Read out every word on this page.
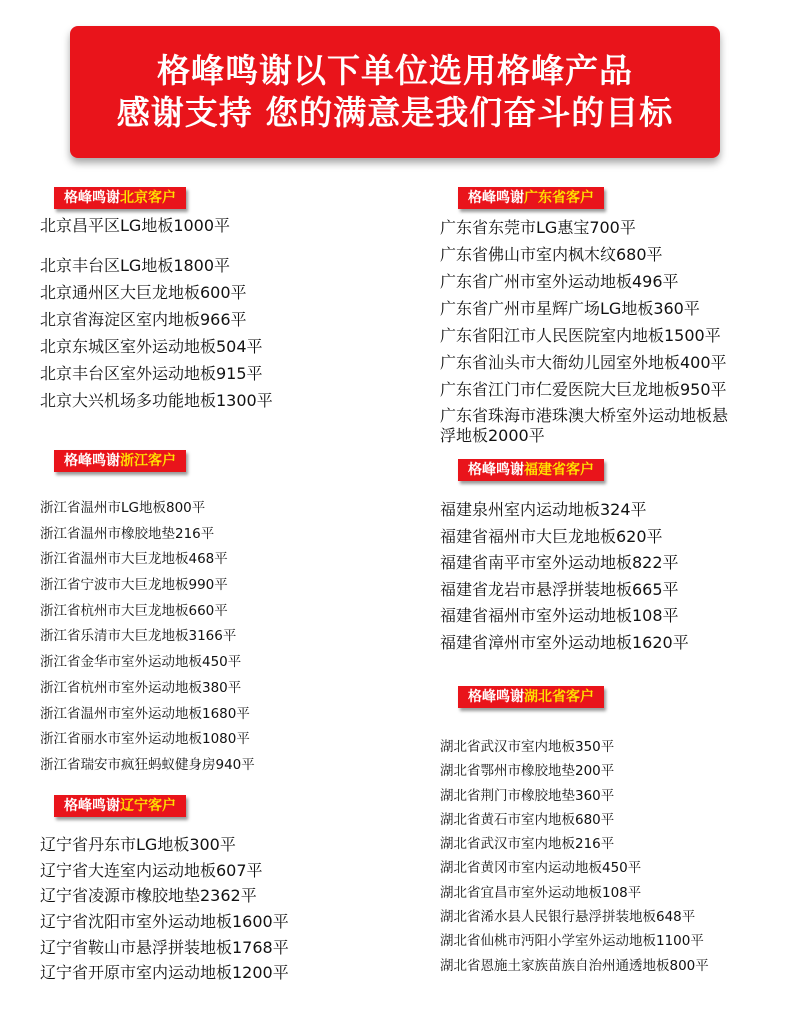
格峰鸣谢以下单位选用格峰产品
感谢支持 您的满意是我们奋斗的目标
格峰鸣谢北京客户
北京昌平区LG地板1000平
北京丰台区LG地板1800平
北京通州区大巨龙地板600平
北京省海淀区室内地板966平
北京东城区室外运动地板504平
北京丰台区室外运动地板915平
北京大兴机场多功能地板1300平
格峰鸣谢浙江客户
浙江省温州市LG地板800平
浙江省温州市橡胶地垫216平
浙江省温州市大巨龙地板468平
浙江省宁波市大巨龙地板990平
浙江省杭州市大巨龙地板660平
浙江省乐清市大巨龙地板3166平
浙江省金华市室外运动地板450平
浙江省杭州市室外运动地板380平
浙江省温州市室外运动地板1680平
浙江省丽水市室外运动地板1080平
浙江省瑞安市疯狂蚂蚁健身房940平
格峰鸣谢辽宁客户
辽宁省丹东市LG地板300平
辽宁省大连室内运动地板607平
辽宁省凌源市橡胶地垫2362平
辽宁省沈阳市室外运动地板1600平
辽宁省鞍山市悬浮拼装地板1768平
辽宁省开原市室内运动地板1200平
格峰鸣谢广东省客户
广东省东莞市LG惠宝700平
广东省佛山市室内枫木纹680平
广东省广州市室外运动地板496平
广东省广州市星辉广场LG地板360平
广东省阳江市人民医院室内地板1500平
广东省汕头市大衙幼儿园室外地板400平
广东省江门市仁爱医院大巨龙地板950平
广东省珠海市港珠澳大桥室外运动地板悬
浮地板2000平
格峰鸣谢福建省客户
福建泉州室内运动地板324平
福建省福州市大巨龙地板620平
福建省南平市室外运动地板822平
福建省龙岩市悬浮拼装地板665平
福建省福州市室外运动地板108平
福建省漳州市室外运动地板1620平
格峰鸣谢湖北省客户
湖北省武汉市室内地板350平
湖北省鄂州市橡胶地垫200平
湖北省荆门市橡胶地垫360平
湖北省黄石市室内地板680平
湖北省武汉市室内地板216平
湖北省黄冈市室内运动地板450平
湖北省宜昌市室外运动地板108平
湖北省浠水县人民银行悬浮拼装地板648平
湖北省仙桃市沔阳小学室外运动地板1100平
湖北省恩施土家族苗族自治州通透地板800平
